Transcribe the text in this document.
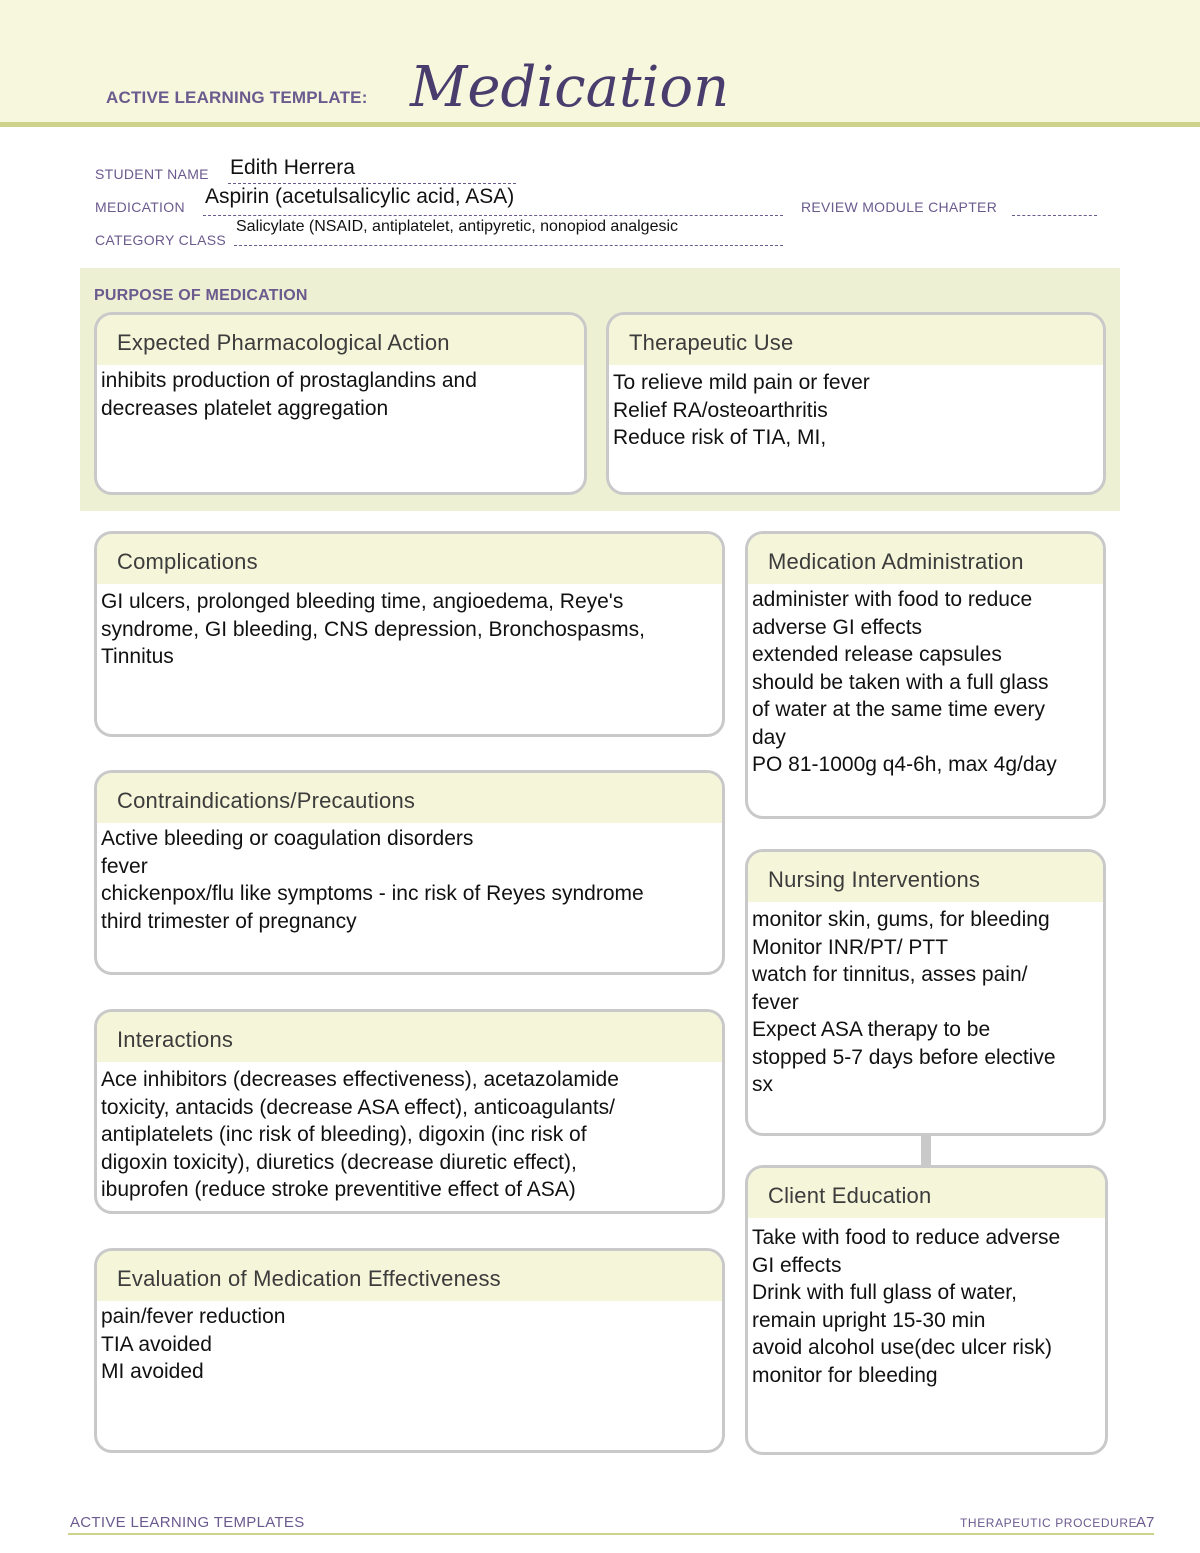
ACTIVE LEARNING TEMPLATE: Medication
STUDENT NAME Edith Herrera
MEDICATION Aspirin (acetulsalicylic acid, ASA)	REVIEW MODULE CHAPTER
CATEGORY CLASS
Salicylate (NSAID, antiplatelet, antipyretic, nonopiod analgesic
PURPOSE OF MEDICATION
Expected Pharmacological Action
inhibits production of prostaglandins and
decreases platelet aggregation
Therapeutic Use
To relieve mild pain or fever
Relief RA/osteoarthritis
Reduce risk of TIA, MI,
Complications
GI ulcers, prolonged bleeding time, angioedema, Reye's
syndrome, GI bleeding, CNS depression, Bronchospasms,
Tinnitus
Contraindications/Precautions
Active bleeding or coagulation disorders
fever
chickenpox/flu like symptoms - inc risk of Reyes syndrome
third trimester of pregnancy
Interactions
Ace inhibitors (decreases effectiveness), acetazolamide
toxicity, antacids (decrease ASA effect), anticoagulants/
antiplatelets (inc risk of bleeding), digoxin (inc risk of
digoxin toxicity), diuretics (decrease diuretic effect),
ibuprofen (reduce stroke preventitive effect of ASA)
Evaluation of Medication Effectiveness
pain/fever reduction
TIA avoided
MI avoided
Medication Administration
administer with food to reduce
adverse GI effects
extended release capsules
should be taken with a full glass
of water at the same time every
day
PO 81-1000g q4-6h, max 4g/day
Nursing Interventions
monitor skin, gums, for bleeding
Monitor INR/PT/ PTT
watch for tinnitus, asses pain/
fever
Expect ASA therapy to be
stopped 5-7 days before elective
sx
Client Education
Take with food to reduce adverse
GI effects
Drink with full glass of water,
remain upright 15-30 min
avoid alcohol use(dec ulcer risk)
monitor for bleeding
ACTIVE LEARNING TEMPLATES	THERAPEUTIC PROCEDURE
A7
